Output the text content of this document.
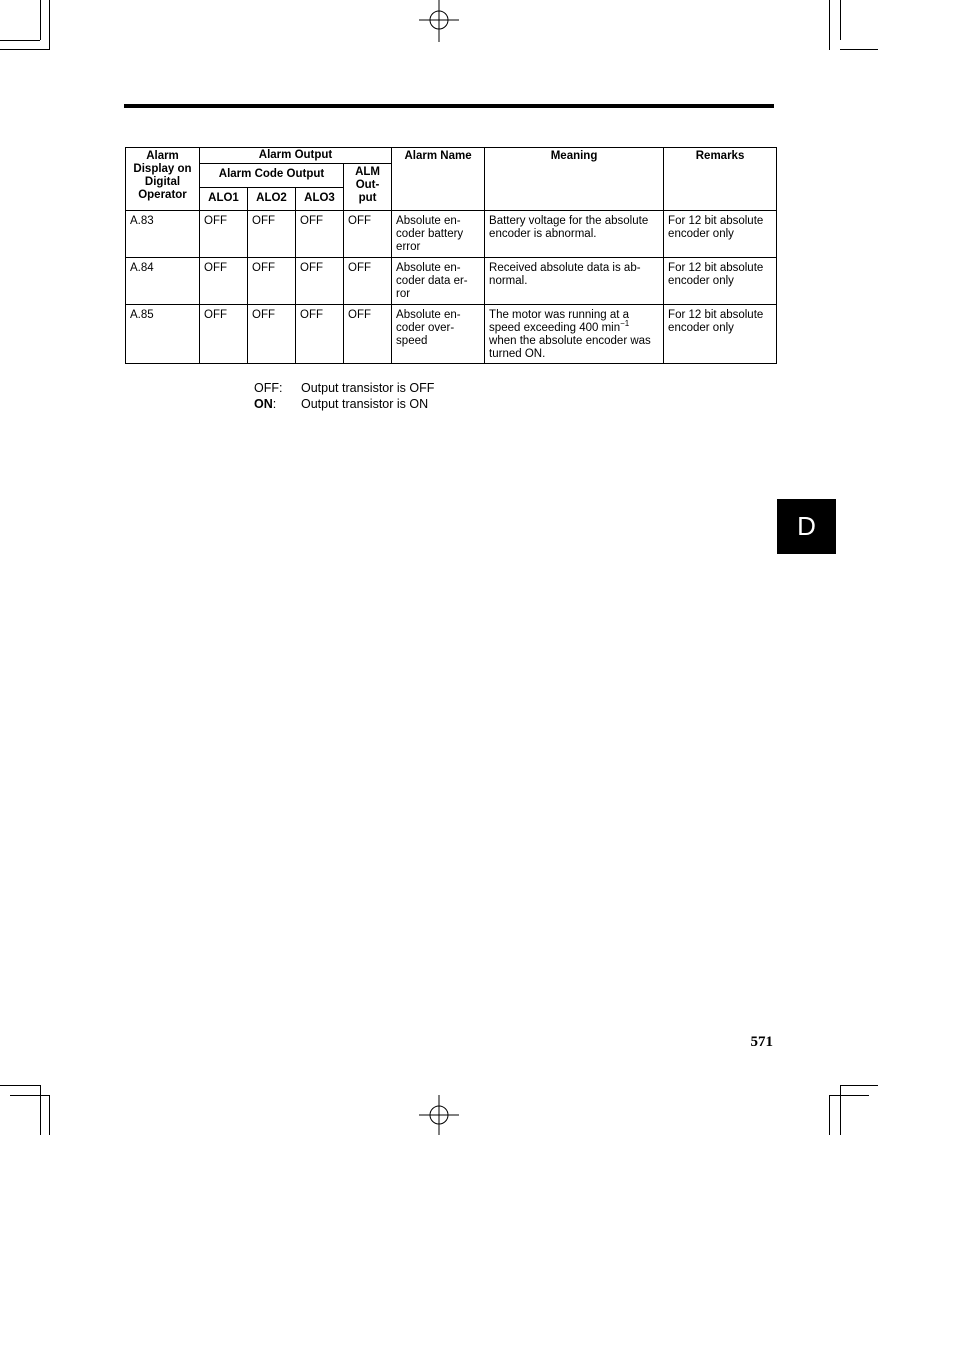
Alarm Display on Digital Operator	Alarm Output				Alarm Name	Meaning	Remarks
	Alarm Code Output			ALM Out-put			
	ALO1	ALO2	ALO3				
A.83	OFF	OFF	OFF	OFF	Absolute en-coder battery error	Battery voltage for the absolute encoder is abnormal.	For 12 bit absolute encoder only
A.84	OFF	OFF	OFF	OFF	Absolute en-coder data er-ror	Received absolute data is ab-normal.	For 12 bit absolute encoder only
A.85	OFF	OFF	OFF	OFF	Absolute en-coder over-speed	The motor was running at a speed exceeding 400 $\min^{-1}$ when the absolute encoder was turned ON.	For 12 bit absolute encoder only
OFF:	Output transistor is OFF
ON:	Output transistor is ON
D
571
